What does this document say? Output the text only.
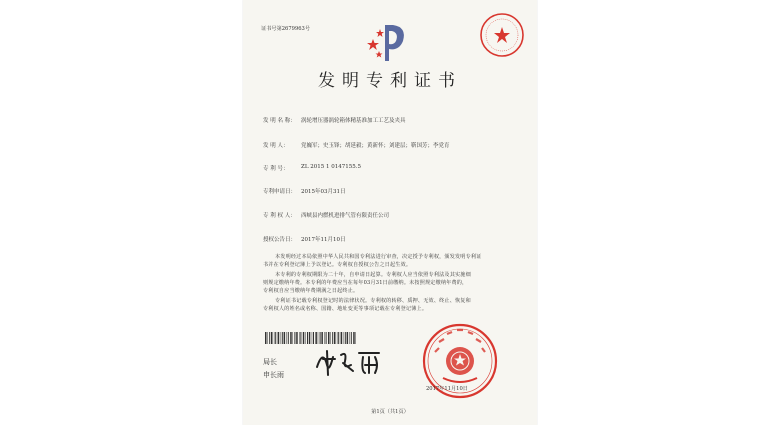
证书号第2679963号
发明专利证书
发 明 名 称： 涡轮增压器涡轮箱体精基准加工工艺及夹具
发 明 人： 党巍军；史玉锋；胡延毅；黄新怀；刘建层；靳国芳；李党育
专 利 号： ZL 2015 1 0147155.5
专利申请日： 2015年03月31日
专 利 权 人： 西峡县内燃机进排气管有限责任公司
授权公告日： 2017年11月10日
本发明经过本局依照中华人民共和国专利法进行审查，决定授予专利权，颁发发明专利证
书并在专利登记簿上予以登记。专利权自授权公告之日起生效。
本专利的专利权期限为二十年，自申请日起算。专利权人应当依照专利法及其实施细
则规定缴纳年费。本专利的年费应当在每年03月31日前缴纳。未按照规定缴纳年费的，
专利权自应当缴纳年费期满之日起终止。
专利证书记载专利权登记时的法律状况。专利权的转移、质押、无效、终止、恢复和
专利权人的姓名或名称、国籍、地址变更等事项记载在专利登记簿上。
局长
申长雨
2017年11月10日
第1页（共1页）
